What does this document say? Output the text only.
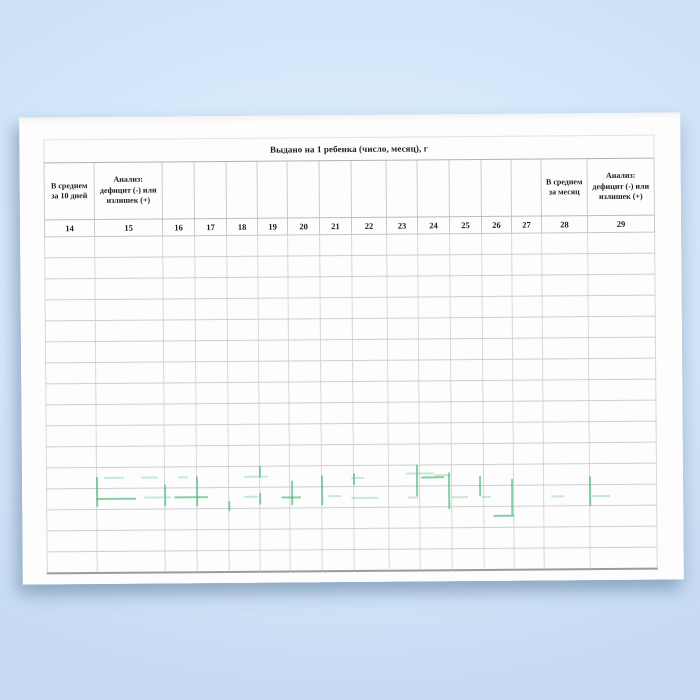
Выдано на 1 ребенка (число, месяц), г															
В среднем
за 10 дней	Анализ:
дефицит (-) или
излишек (+)													В среднем
за месяц	Анализ:
дефицит (-) или
излишек (+)
14	15	16	17	18	19	20	21	22	23	24	25	26	27	28	29
